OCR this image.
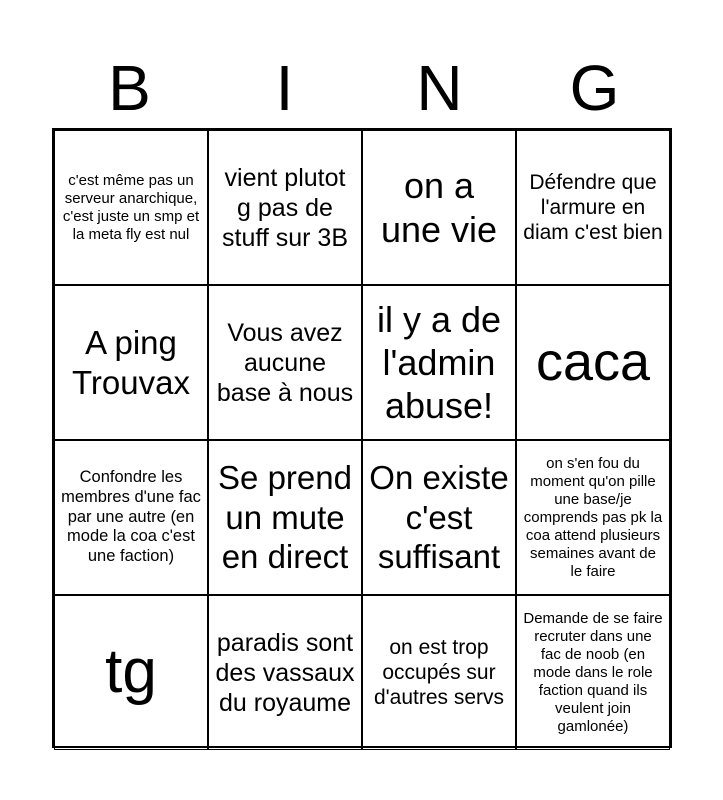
B	I	N	G
c'est même pas un serveur anarchique, c'est juste un smp et la meta fly est nul
vient plutot g pas de stuff sur 3B
on a une vie
Défendre que l'armure en diam c'est bien
A ping Trouvax
Vous avez aucune base à nous
il y a de l'admin abuse!
caca
Confondre les membres d'une fac par une autre (en mode la coa c'est une faction)
Se prend un mute en direct
On existe c'est suffisant
on s'en fou du moment qu'on pille une base/je comprends pas pk la coa attend plusieurs semaines avant de le faire
tg	paradis sont des vassaux du royaume
on est trop occupés sur d'autres servs
Demande de se faire recruter dans une fac de noob (en mode dans le role faction quand ils veulent join gamlonée)
